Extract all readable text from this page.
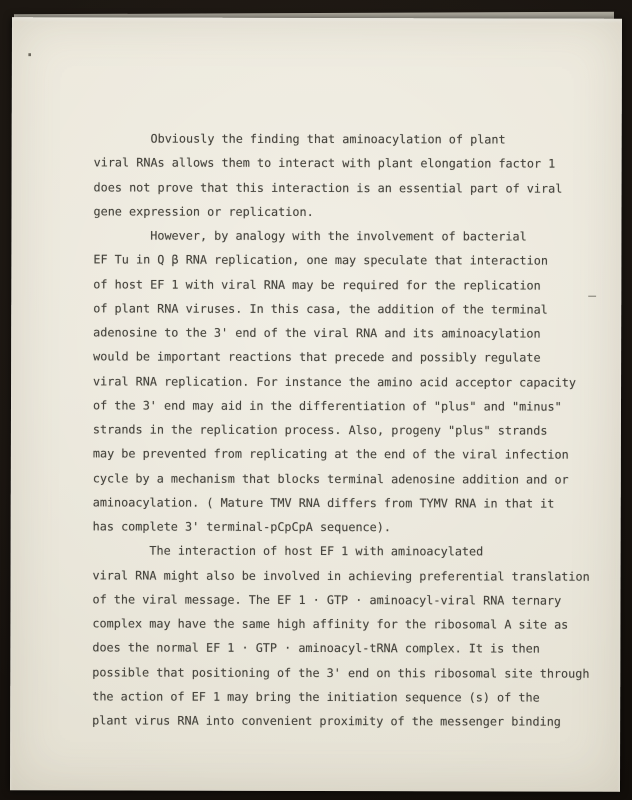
·
Obviously the finding that aminoacylation of plant
viral RNAs allows them to interact with plant elongation factor 1
does not prove that this interaction is an essential part of viral
gene expression or replication.
However, by analogy with the involvement of bacterial
EF Tu in Q β RNA replication, one may speculate that interaction
of host EF 1 with viral RNA may be required for the replication
of plant RNA viruses. In this casa, the addition of the terminal
adenosine to the 3' end of the viral RNA and its aminoacylation
would be important reactions that precede and possibly regulate
viral RNA replication. For instance the amino acid acceptor capacity
of the 3' end may aid in the differentiation of "plus" and "minus"
strands in the replication process. Also, progeny "plus" strands
may be prevented from replicating at the end of the viral infection
cycle by a mechanism that blocks terminal adenosine addition and or
aminoacylation. ( Mature TMV RNA differs from TYMV RNA in that it
has complete 3' terminal-pCpCpA sequence).
The interaction of host EF 1 with aminoacylated
viral RNA might also be involved in achieving preferential translation
of the viral message. The EF 1 · GTP · aminoacyl-viral RNA ternary
complex may have the same high affinity for the ribosomal A site as
does the normal EF 1 · GTP · aminoacyl-tRNA complex. It is then
possible that positioning of the 3' end on this ribosomal site through
the action of EF 1 may bring the initiation sequence (s) of the
plant virus RNA into convenient proximity of the messenger binding
—
